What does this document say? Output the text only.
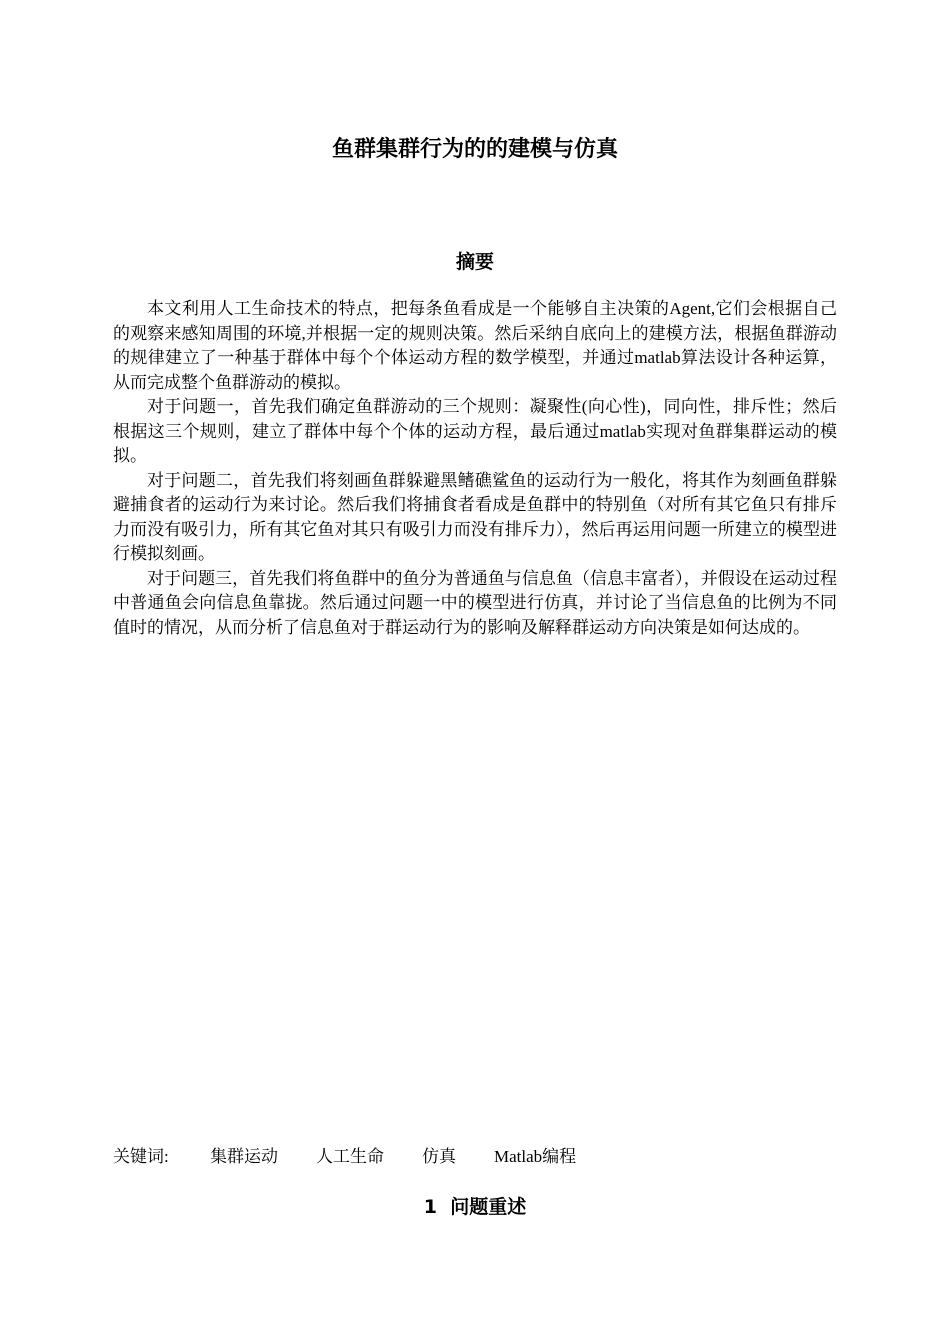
鱼群集群行为的的建模与仿真
摘要

本文利用人工生命技术的特点，把每条鱼看成是一个能够自主决策的Agent,它们会根据自己的观察来感知周围的环境,并根据一定的规则决策。然后采纳自底向上的建模方法，根据鱼群游动的规律建立了一种基于群体中每个个体运动方程的数学模型，并通过matlab算法设计各种运算， 从而完成整个鱼群游动的模拟。

对于问题一，首先我们确定鱼群游动的三个规则：凝聚性(向心性)，同向性，排斥性；然后根据这三个规则，建立了群体中每个个体的运动方程，最后通过matlab实现对鱼群集群运动的模拟。

对于问题二，首先我们将刻画鱼群躲避黑鳍礁鲨鱼的运动行为一般化，将其作为刻画鱼群躲避捕食者的运动行为来讨论。然后我们将捕食者看成是鱼群中的特别鱼（对所有其它鱼只有排斥力而没有吸引力，所有其它鱼对其只有吸引力而没有排斥力），然后再运用问题一所建立的模型进行模拟刻画。

对于问题三，首先我们将鱼群中的鱼分为普通鱼与信息鱼（信息丰富者），并假设在运动过程中普通鱼会向信息鱼靠拢。然后通过问题一中的模型进行仿真，并讨论了当信息鱼的比例为不同值时的情况，从而分析了信息鱼对于群运动行为的影响及解释群运动方向决策是如何达成的。

关键词: 集群运动 人工生命 仿真 Matlab编程
1 问题重述
